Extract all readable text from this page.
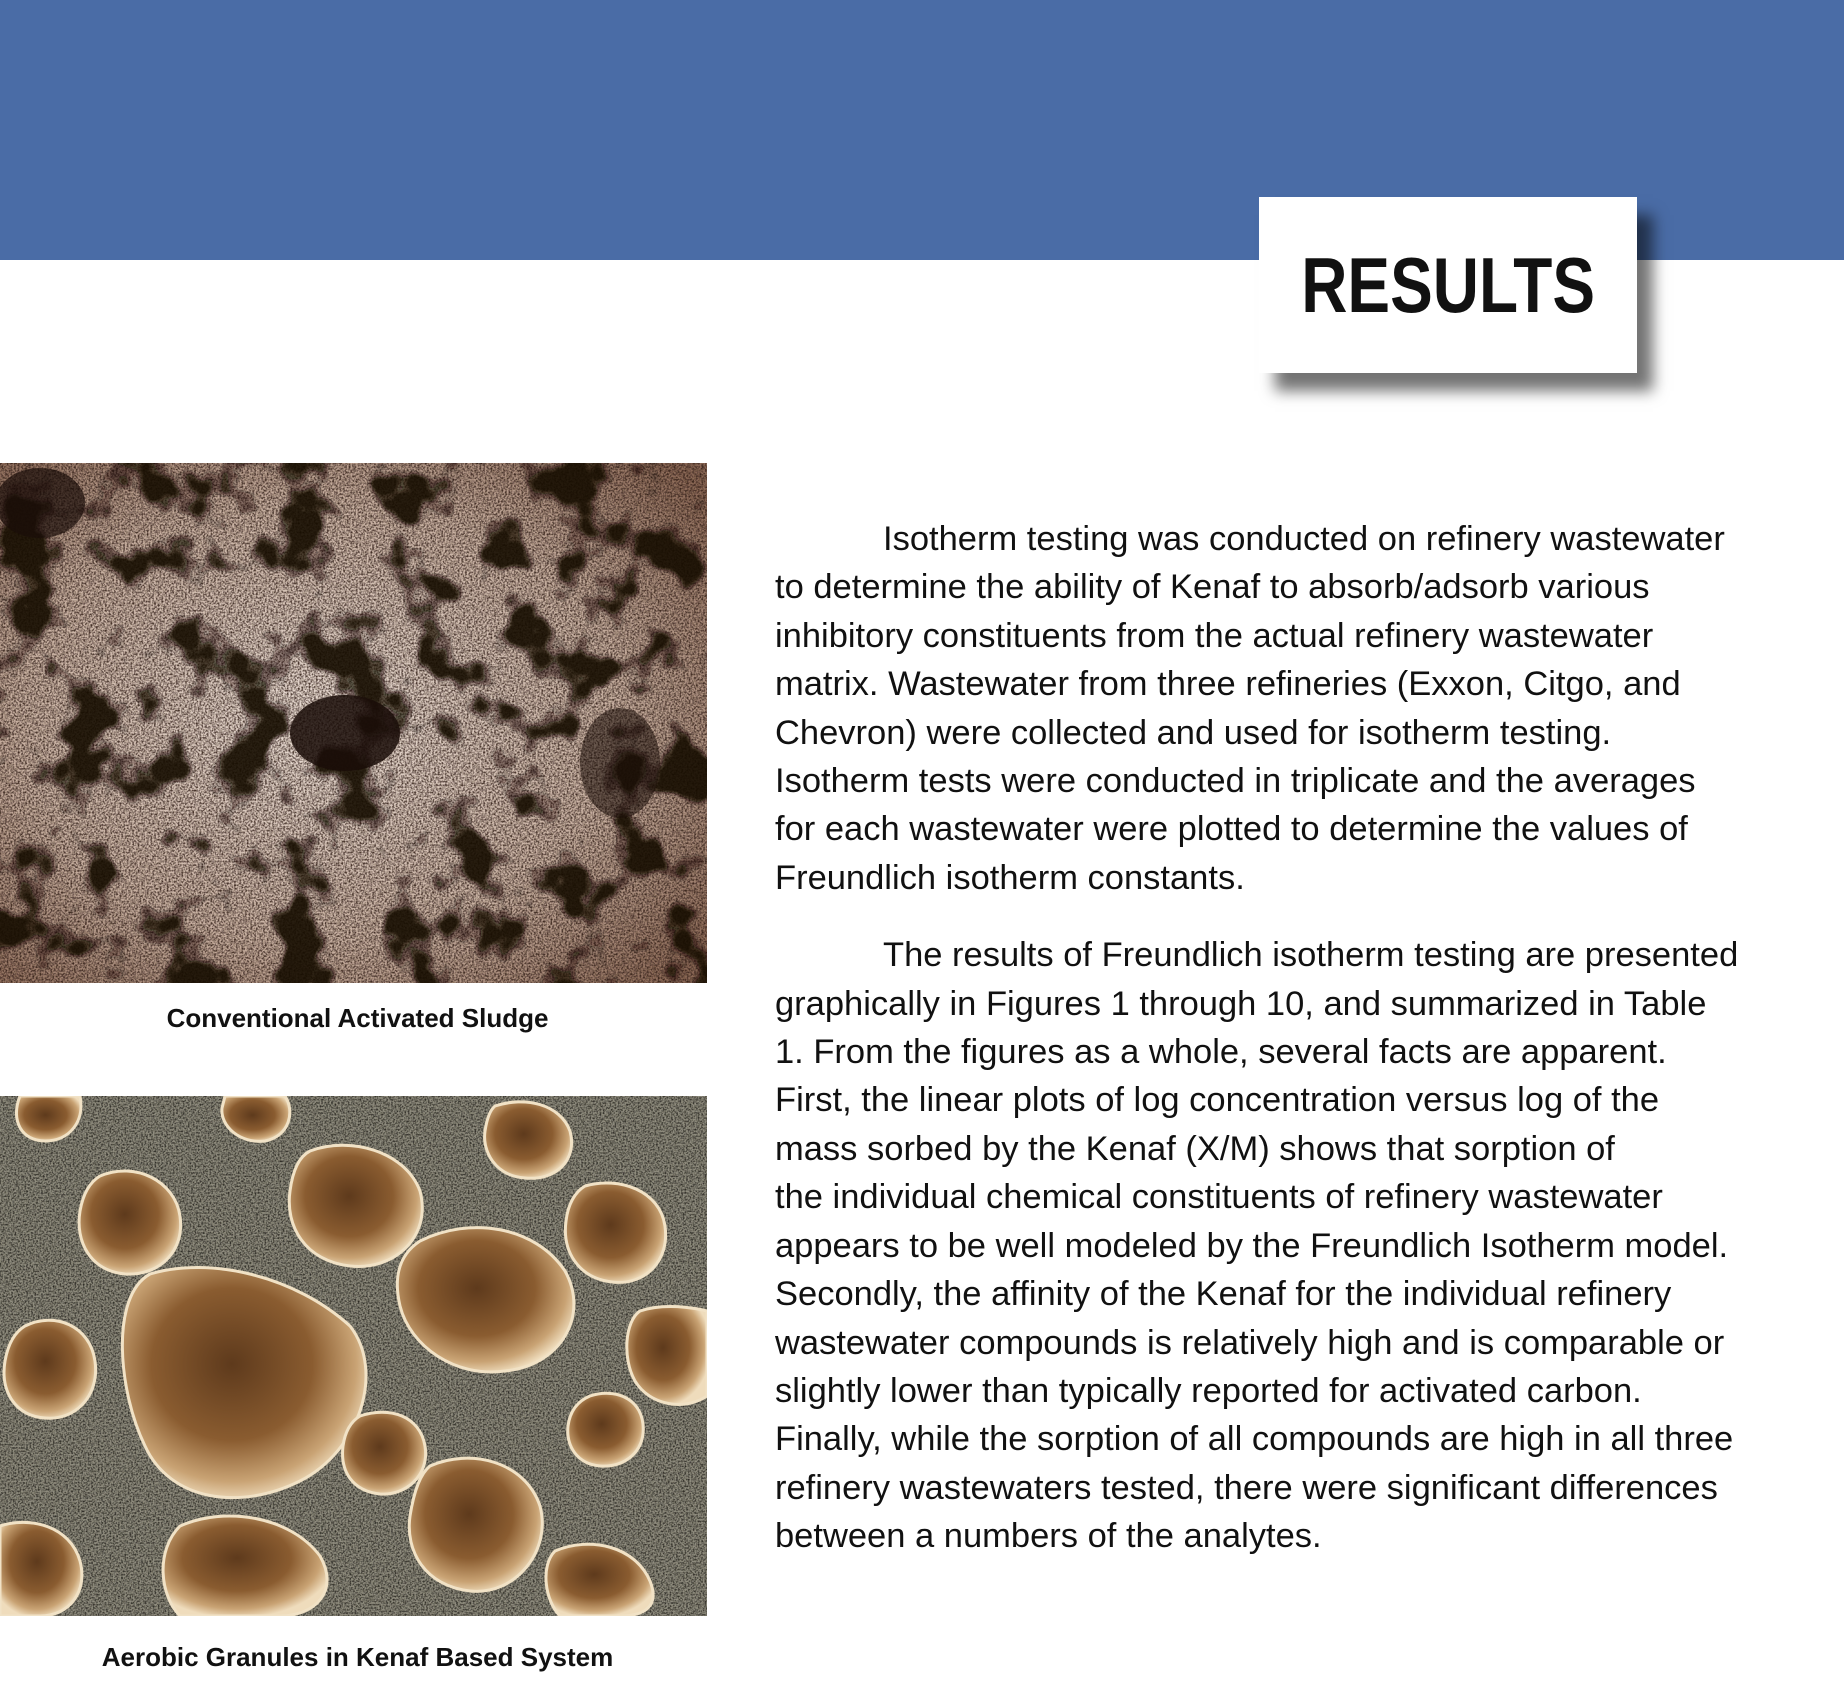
RESULTS
Conventional Activated Sludge
Aerobic Granules in Kenaf Based System

Isotherm testing was conducted on refinery wastewater
to determine the ability of Kenaf to absorb/adsorb various
inhibitory constituents from the actual refinery wastewater
matrix. Wastewater from three refineries (Exxon, Citgo, and
Chevron) were collected and used for isotherm testing.
Isotherm tests were conducted in triplicate and the averages
for each wastewater were plotted to determine the values of
Freundlich isotherm constants.

The results of Freundlich isotherm testing are presented
graphically in Figures 1 through 10, and summarized in Table
1. From the figures as a whole, several facts are apparent.
First, the linear plots of log concentration versus log of the
mass sorbed by the Kenaf (X/M) shows that sorption of
the individual chemical constituents of refinery wastewater
appears to be well modeled by the Freundlich Isotherm model.
Secondly, the affinity of the Kenaf for the individual refinery
wastewater compounds is relatively high and is comparable or
slightly lower than typically reported for activated carbon.
Finally, while the sorption of all compounds are high in all three
refinery wastewaters tested, there were significant differences
between a numbers of the analytes.
